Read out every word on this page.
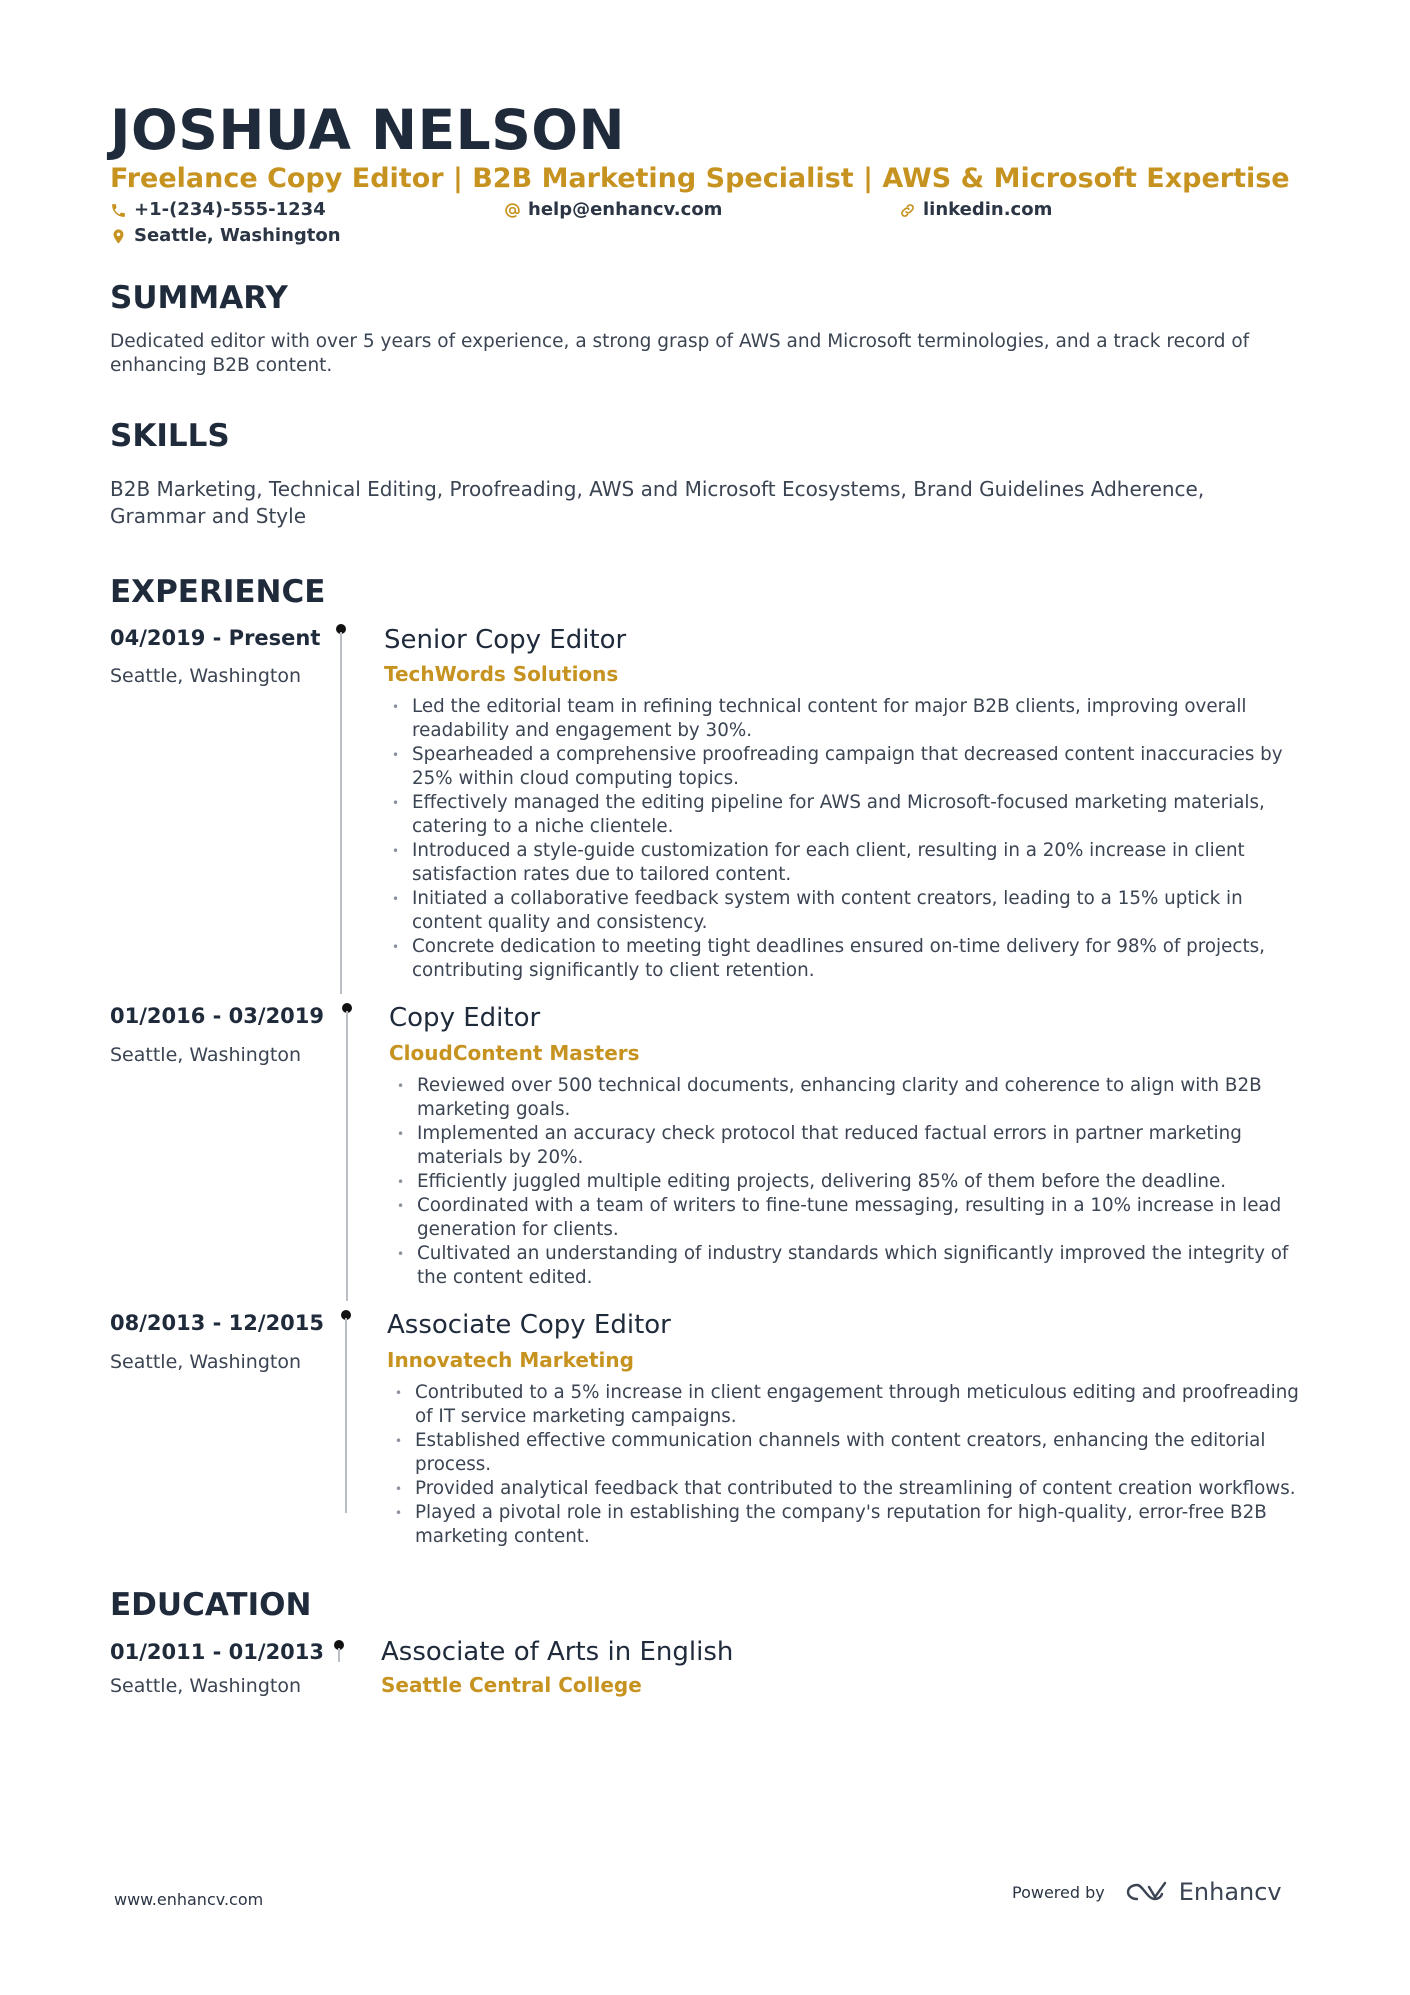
JOSHUA NELSON
Freelance Copy Editor | B2B Marketing Specialist | AWS & Microsoft Expertise
+1-(234)-555-1234	help@enhancv.com	linkedin.com
Seattle, Washington
SUMMARY
Dedicated editor with over 5 years of experience, a strong grasp of AWS and Microsoft terminologies, and a track record of enhancing B2B content.
SKILLS
B2B Marketing, Technical Editing, Proofreading, AWS and Microsoft Ecosystems, Brand Guidelines Adherence, Grammar and Style
EXPERIENCE
04/2019 - Present
Seattle, Washington
Senior Copy Editor
TechWords Solutions
• Led the editorial team in refining technical content for major B2B clients, improving overall readability and engagement by 30%.
• Spearheaded a comprehensive proofreading campaign that decreased content inaccuracies by 25% within cloud computing topics.
• Effectively managed the editing pipeline for AWS and Microsoft-focused marketing materials, catering to a niche clientele.
• Introduced a style-guide customization for each client, resulting in a 20% increase in client satisfaction rates due to tailored content.
• Initiated a collaborative feedback system with content creators, leading to a 15% uptick in content quality and consistency.
• Concrete dedication to meeting tight deadlines ensured on-time delivery for 98% of projects, contributing significantly to client retention.
01/2016 - 03/2019
Seattle, Washington
Copy Editor
CloudContent Masters
• Reviewed over 500 technical documents, enhancing clarity and coherence to align with B2B marketing goals.
• Implemented an accuracy check protocol that reduced factual errors in partner marketing materials by 20%.
• Efficiently juggled multiple editing projects, delivering 85% of them before the deadline.
• Coordinated with a team of writers to fine-tune messaging, resulting in a 10% increase in lead generation for clients.
• Cultivated an understanding of industry standards which significantly improved the integrity of the content edited.
08/2013 - 12/2015
Seattle, Washington
Associate Copy Editor
Innovatech Marketing
• Contributed to a 5% increase in client engagement through meticulous editing and proofreading of IT service marketing campaigns.
• Established effective communication channels with content creators, enhancing the editorial process.
• Provided analytical feedback that contributed to the streamlining of content creation workflows.
• Played a pivotal role in establishing the company's reputation for high-quality, error-free B2B marketing content.
EDUCATION
01/2011 - 01/2013
Seattle, Washington
Associate of Arts in English
Seattle Central College
www.enhancv.com	Powered by	Enhancv
